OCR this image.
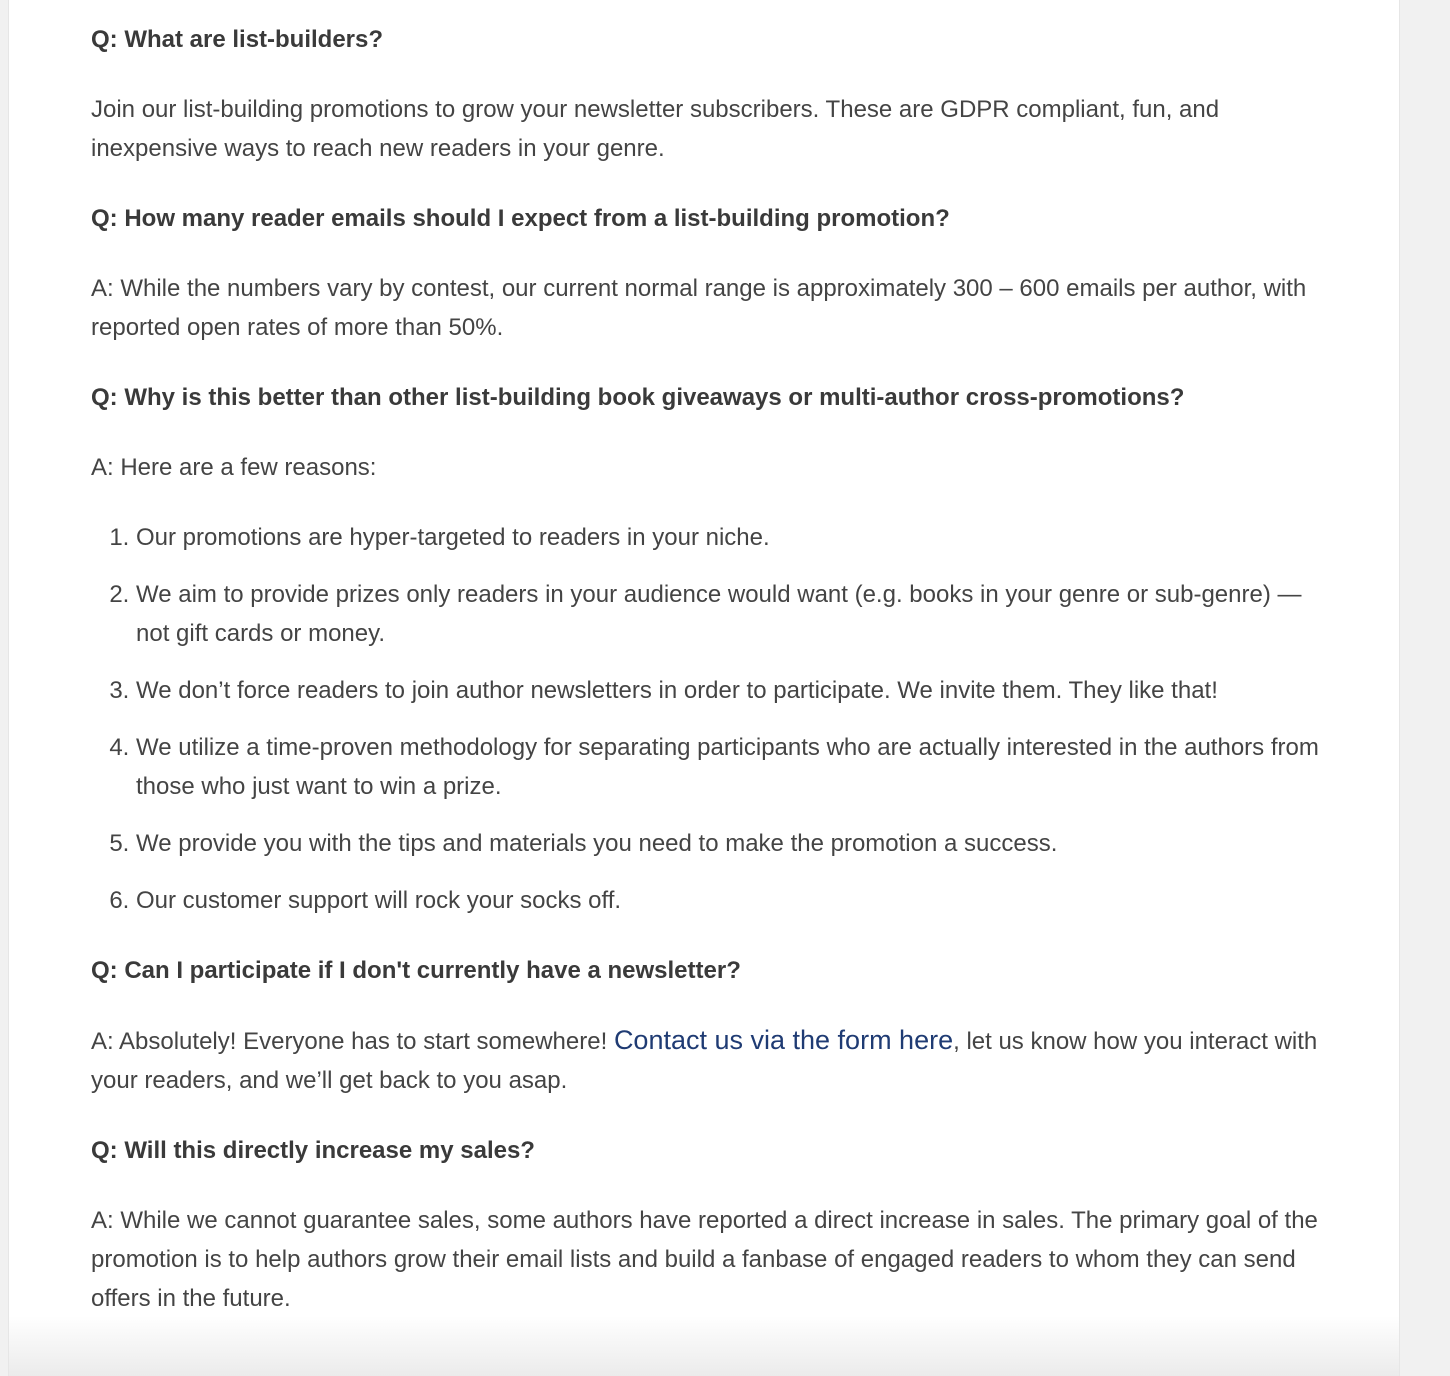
Q: What are list-builders?

Join our list-building promotions to grow your newsletter subscribers. These are GDPR compliant, fun, and inexpensive ways to reach new readers in your genre.

Q: How many reader emails should I expect from a list-building promotion?

A: While the numbers vary by contest, our current normal range is approximately 300 – 600 emails per author, with reported open rates of more than 50%.

Q: Why is this better than other list-building book giveaways or multi-author cross-promotions?

A: Here are a few reasons:

1. Our promotions are hyper-targeted to readers in your niche.
2. We aim to provide prizes only readers in your audience would want (e.g. books in your genre or sub-genre) — not gift cards or money.
3. We don’t force readers to join author newsletters in order to participate. We invite them. They like that!
4. We utilize a time-proven methodology for separating participants who are actually interested in the authors from those who just want to win a prize.
5. We provide you with the tips and materials you need to make the promotion a success.
6. Our customer support will rock your socks off.

Q: Can I participate if I don't currently have a newsletter?

A: Absolutely! Everyone has to start somewhere! Contact us via the form here, let us know how you interact with your readers, and we’ll get back to you asap.

Q: Will this directly increase my sales?

A: While we cannot guarantee sales, some authors have reported a direct increase in sales. The primary goal of the promotion is to help authors grow their email lists and build a fanbase of engaged readers to whom they can send offers in the future.
